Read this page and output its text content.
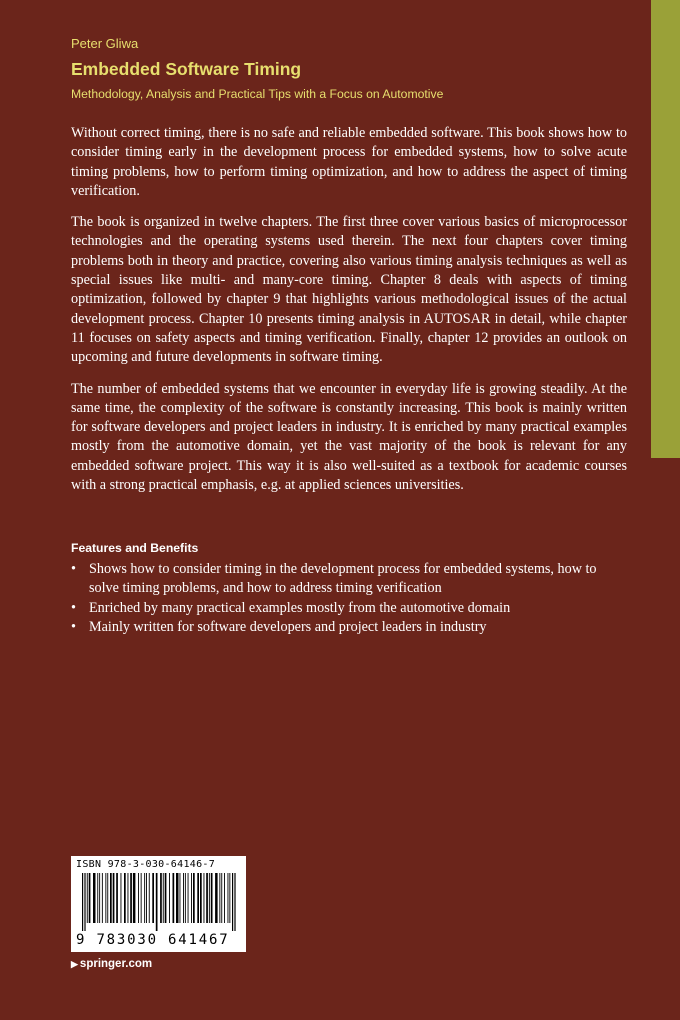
Peter Gliwa
Embedded Software Timing
Methodology, Analysis and Practical Tips with a Focus on Automotive

Without correct timing, there is no safe and reliable embedded software. This book shows how to consider timing early in the development process for embedded systems, how to solve acute timing problems, how to perform timing optimization, and how to address the aspect of timing verification.

The book is organized in twelve chapters. The first three cover various basics of microprocessor technologies and the operating systems used therein. The next four chapters cover timing problems both in theory and practice, covering also various timing analysis techniques as well as special issues like multi- and many-core timing. Chapter 8 deals with aspects of timing optimization, followed by chapter 9 that highlights various methodological issues of the actual development process. Chapter 10 presents timing analysis in AUTOSAR in detail, while chapter 11 focuses on safety aspects and timing verification. Finally, chapter 12 provides an outlook on upcoming and future developments in software timing.

The number of embedded systems that we encounter in everyday life is growing steadily. At the same time, the complexity of the software is constantly increasing. This book is mainly written for software developers and project leaders in industry. It is enriched by many practical examples mostly from the automotive domain, yet the vast majority of the book is relevant for any embedded software project. This way it is also well-suited as a textbook for academic courses with a strong practical emphasis, e.g. at applied sciences universities.

Features and Benefits
• Shows how to consider timing in the development process for embedded systems, how to solve timing problems, and how to address timing verification
• Enriched by many practical examples mostly from the automotive domain
• Mainly written for software developers and project leaders in industry
ISBN 978-3-030-64146-7
9 783030 641467
▶ springer.com
